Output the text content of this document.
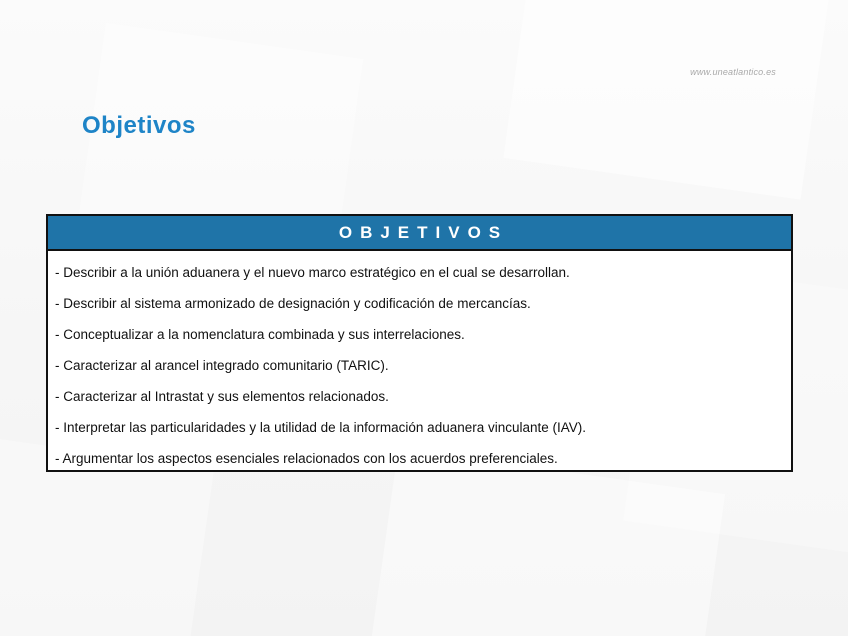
www.uneatlantico.es
Objetivos
OBJETIVOS
- Describir a la unión aduanera y el nuevo marco estratégico en el cual se desarrollan.
- Describir al sistema armonizado de designación y codificación de mercancías.
- Conceptualizar a la nomenclatura combinada y sus interrelaciones.
- Caracterizar al arancel integrado comunitario (TARIC).
- Caracterizar al Intrastat y sus elementos relacionados.
- Interpretar las particularidades y la utilidad de la información aduanera vinculante (IAV).
- Argumentar los aspectos esenciales relacionados con los acuerdos preferenciales.
